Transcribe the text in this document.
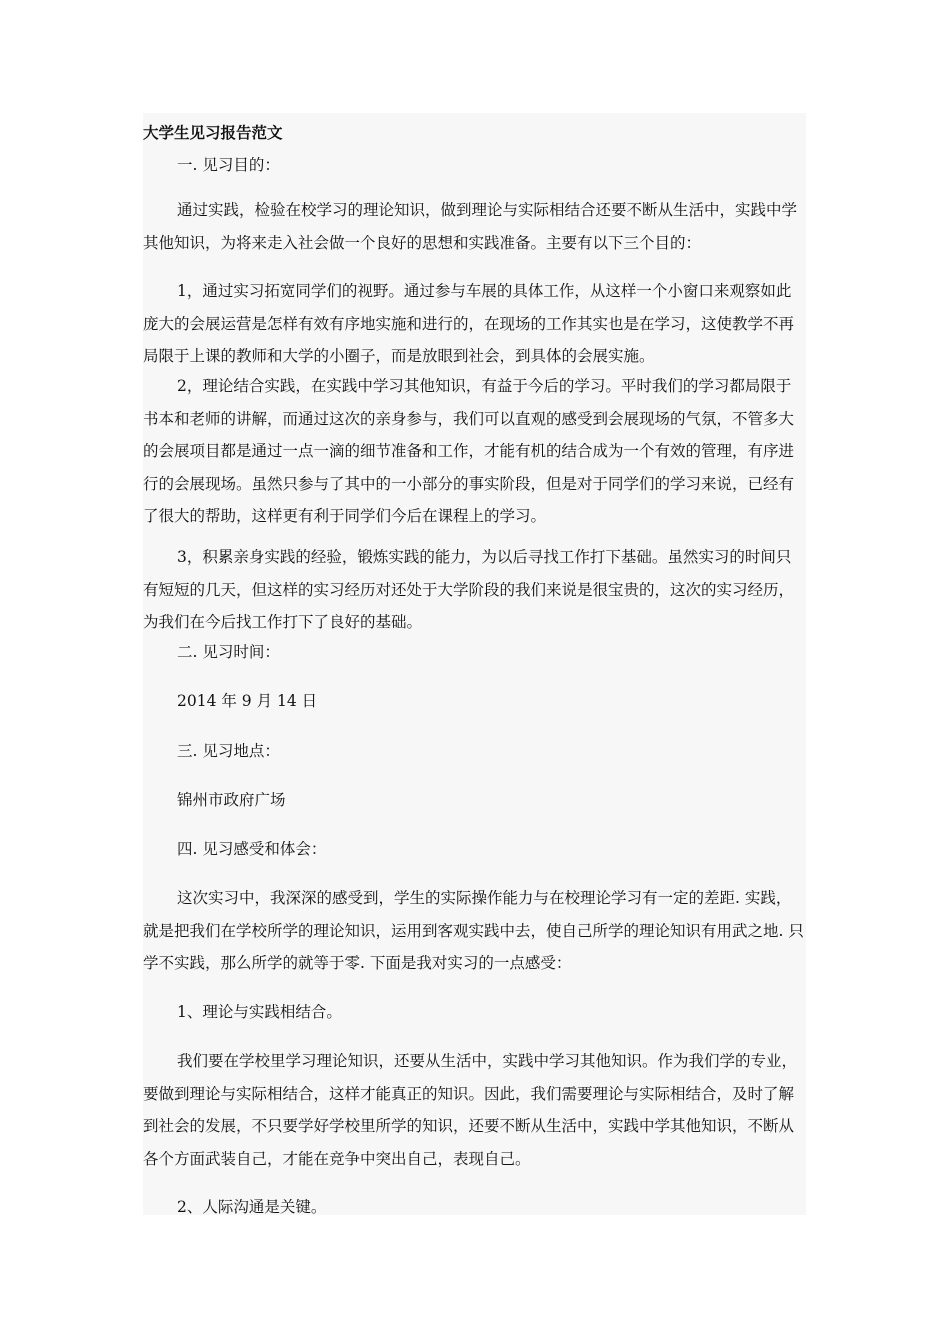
大学生见习报告范文

一. 见习目的：

通过实践，检验在校学习的理论知识，做到理论与实际相结合还要不断从生活中，实践中学其他知识，为将来走入社会做一个良好的思想和实践准备。主要有以下三个目的：

1，通过实习拓宽同学们的视野。通过参与车展的具体工作，从这样一个小窗口来观察如此庞大的会展运营是怎样有效有序地实施和进行的，在现场的工作其实也是在学习，这使教学不再局限于上课的教师和大学的小圈子，而是放眼到社会，到具体的会展实施。

2，理论结合实践，在实践中学习其他知识，有益于今后的学习。平时我们的学习都局限于书本和老师的讲解，而通过这次的亲身参与，我们可以直观的感受到会展现场的气氛，不管多大的会展项目都是通过一点一滴的细节准备和工作，才能有机的结合成为一个有效的管理，有序进行的会展现场。虽然只参与了其中的一小部分的事实阶段，但是对于同学们的学习来说，已经有了很大的帮助，这样更有利于同学们今后在课程上的学习。

3，积累亲身实践的经验，锻炼实践的能力，为以后寻找工作打下基础。虽然实习的时间只有短短的几天，但这样的实习经历对还处于大学阶段的我们来说是很宝贵的，这次的实习经历，为我们在今后找工作打下了良好的基础。

二. 见习时间：

2014 年 9 月 14 日

三. 见习地点：

锦州市政府广场

四. 见习感受和体会：

这次实习中，我深深的感受到，学生的实际操作能力与在校理论学习有一定的差距. 实践，就是把我们在学校所学的理论知识，运用到客观实践中去，使自己所学的理论知识有用武之地. 只学不实践，那么所学的就等于零. 下面是我对实习的一点感受：

1、理论与实践相结合。

我们要在学校里学习理论知识，还要从生活中，实践中学习其他知识。作为我们学的专业，要做到理论与实际相结合，这样才能真正的知识。因此，我们需要理论与实际相结合，及时了解到社会的发展，不只要学好学校里所学的知识，还要不断从生活中，实践中学其他知识，不断从各个方面武装自己，才能在竞争中突出自己，表现自己。

2、人际沟通是关键。
